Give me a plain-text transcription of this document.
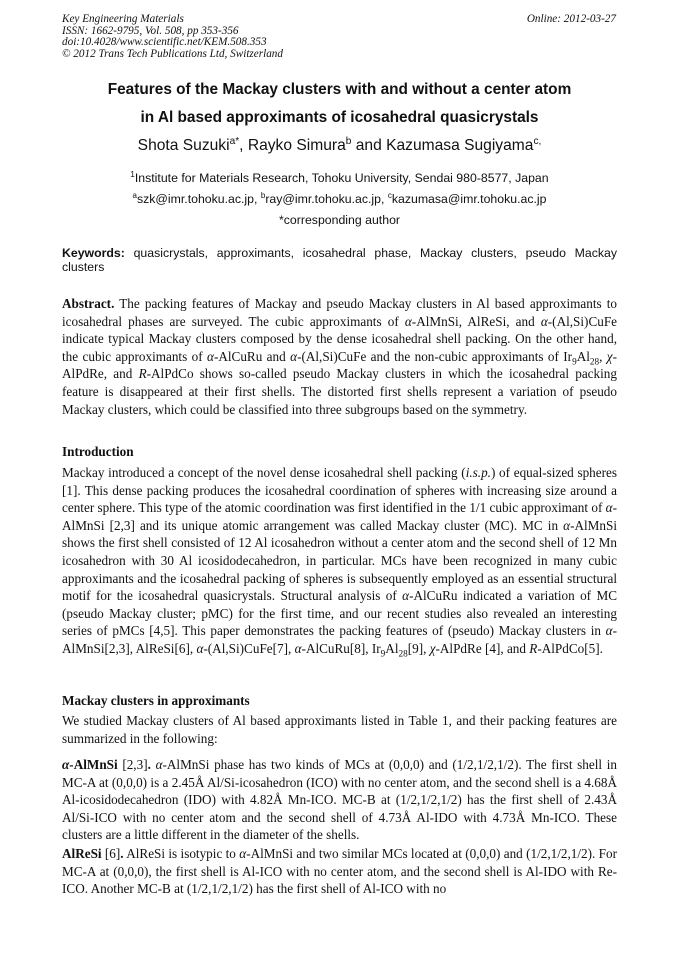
Key Engineering Materials
ISSN: 1662-9795, Vol. 508, pp 353-356
doi:10.4028/www.scientific.net/KEM.508.353
© 2012 Trans Tech Publications Ltd, Switzerland
Online: 2012-03-27
Features of the Mackay clusters with and without a center atom
in Al based approximants of icosahedral quasicrystals
Shota Suzuki$^{a*}$, Rayko Simura$^b$ and Kazumasa Sugiyama$^{c,}$
$^1$Institute for Materials Research, Tohoku University, Sendai 980-8577, Japan
$^a$szk@imr.tohoku.ac.jp, $^b$ray@imr.tohoku.ac.jp, $^c$kazumasa@imr.tohoku.ac.jp
*corresponding author
Keywords: quasicrystals, approximants, icosahedral phase, Mackay clusters, pseudo Mackay clusters
Abstract. The packing features of Mackay and pseudo Mackay clusters in Al based approximants to icosahedral phases are surveyed. The cubic approximants of α-AlMnSi, AlReSi, and α-(Al,Si)CuFe indicate typical Mackay clusters composed by the dense icosahedral shell packing. On the other hand, the cubic approximants of α-AlCuRu and α-(Al,Si)CuFe and the non-cubic approximants of $Ir_9Al_{28}$, χ-AlPdRe, and R-AlPdCo shows so-called pseudo Mackay clusters in which the icosahedral packing feature is disappeared at their first shells. The distorted first shells represent a variation of pseudo Mackay clusters, which could be classified into three subgroups based on the symmetry.
Introduction
Mackay introduced a concept of the novel dense icosahedral shell packing (i.s.p.) of equal-sized spheres [1]. This dense packing produces the icosahedral coordination of spheres with increasing size around a center sphere. This type of the atomic coordination was first identified in the 1/1 cubic approximant of α-AlMnSi [2,3] and its unique atomic arrangement was called Mackay cluster (MC). MC in α-AlMnSi shows the first shell consisted of 12 Al icosahedron without a center atom and the second shell of 12 Mn icosahedron with 30 Al icosidodecahedron, in particular. MCs have been recognized in many cubic approximants and the icosahedral packing of spheres is subsequently employed as an essential structural motif for the icosahedral quasicrystals. Structural analysis of α-AlCuRu indicated a variation of MC (pseudo Mackay cluster; pMC) for the first time, and our recent studies also revealed an interesting series of pMCs [4,5]. This paper demonstrates the packing features of (pseudo) Mackay clusters in α-AlMnSi[2,3], AlReSi[6], α-(Al,Si)CuFe[7], α-AlCuRu[8], $Ir_9Al_{28}[9]$, χ-AlPdRe [4], and R-AlPdCo[5].
Mackay clusters in approximants
We studied Mackay clusters of Al based approximants listed in Table 1, and their packing features are summarized in the following:
α-AlMnSi [2,3]. α-AlMnSi phase has two kinds of MCs at (0,0,0) and (1/2,1/2,1/2). The first shell in MC-A at (0,0,0) is a 2.45Å Al/Si-icosahedron (ICO) with no center atom, and the second shell is a 4.68Å Al-icosidodecahedron (IDO) with 4.82Å Mn-ICO. MC-B at (1/2,1/2,1/2) has the first shell of 2.43Å Al/Si-ICO with no center atom and the second shell of 4.73Å Al-IDO with 4.73Å Mn-ICO. These clusters are a little different in the diameter of the shells.
AlReSi [6]. AlReSi is isotypic to α-AlMnSi and two similar MCs located at (0,0,0) and (1/2,1/2,1/2). For MC-A at (0,0,0), the first shell is Al-ICO with no center atom, and the second shell is Al-IDO with Re-ICO. Another MC-B at (1/2,1/2,1/2) has the first shell of Al-ICO with no
